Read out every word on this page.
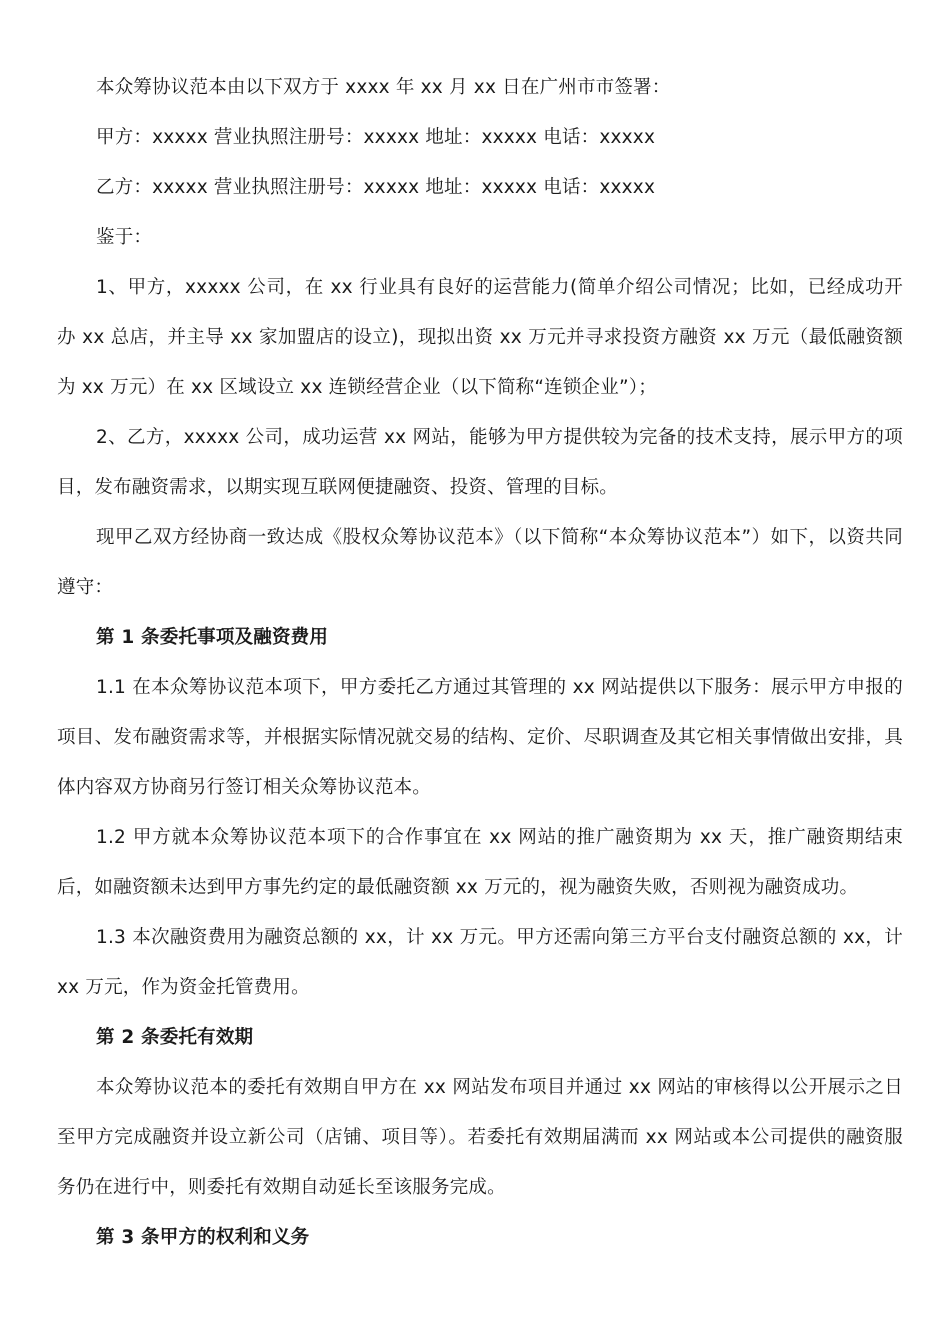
本众筹协议范本由以下双方于 xxxx 年 xx 月 xx 日在广州市市签署：

甲方：xxxxx 营业执照注册号：xxxxx 地址：xxxxx 电话：xxxxx

乙方：xxxxx 营业执照注册号：xxxxx 地址：xxxxx 电话：xxxxx

鉴于：

1、甲方，xxxxx 公司，在 xx 行业具有良好的运营能力(简单介绍公司情况；比如，已经成功开办 xx 总店，并主导 xx 家加盟店的设立)，现拟出资 xx 万元并寻求投资方融资 xx 万元（最低融资额为 xx 万元）在 xx 区域设立 xx 连锁经营企业（以下简称“连锁企业”）；

2、乙方，xxxxx 公司，成功运营 xx 网站，能够为甲方提供较为完备的技术支持，展示甲方的项目，发布融资需求，以期实现互联网便捷融资、投资、管理的目标。

现甲乙双方经协商一致达成《股权众筹协议范本》（以下简称“本众筹协议范本”）如下，以资共同遵守：

第 1 条委托事项及融资费用

1.1 在本众筹协议范本项下，甲方委托乙方通过其管理的 xx 网站提供以下服务：展示甲方申报的项目、发布融资需求等，并根据实际情况就交易的结构、定价、尽职调查及其它相关事情做出安排，具体内容双方协商另行签订相关众筹协议范本。

1.2 甲方就本众筹协议范本项下的合作事宜在 xx 网站的推广融资期为 xx 天，推广融资期结束后，如融资额未达到甲方事先约定的最低融资额 xx 万元的，视为融资失败，否则视为融资成功。

1.3 本次融资费用为融资总额的 xx，计 xx 万元。甲方还需向第三方平台支付融资总额的 xx，计 xx 万元，作为资金托管费用。

第 2 条委托有效期

本众筹协议范本的委托有效期自甲方在 xx 网站发布项目并通过 xx 网站的审核得以公开展示之日至甲方完成融资并设立新公司（店铺、项目等）。若委托有效期届满而 xx 网站或本公司提供的融资服务仍在进行中，则委托有效期自动延长至该服务完成。

第 3 条甲方的权利和义务
